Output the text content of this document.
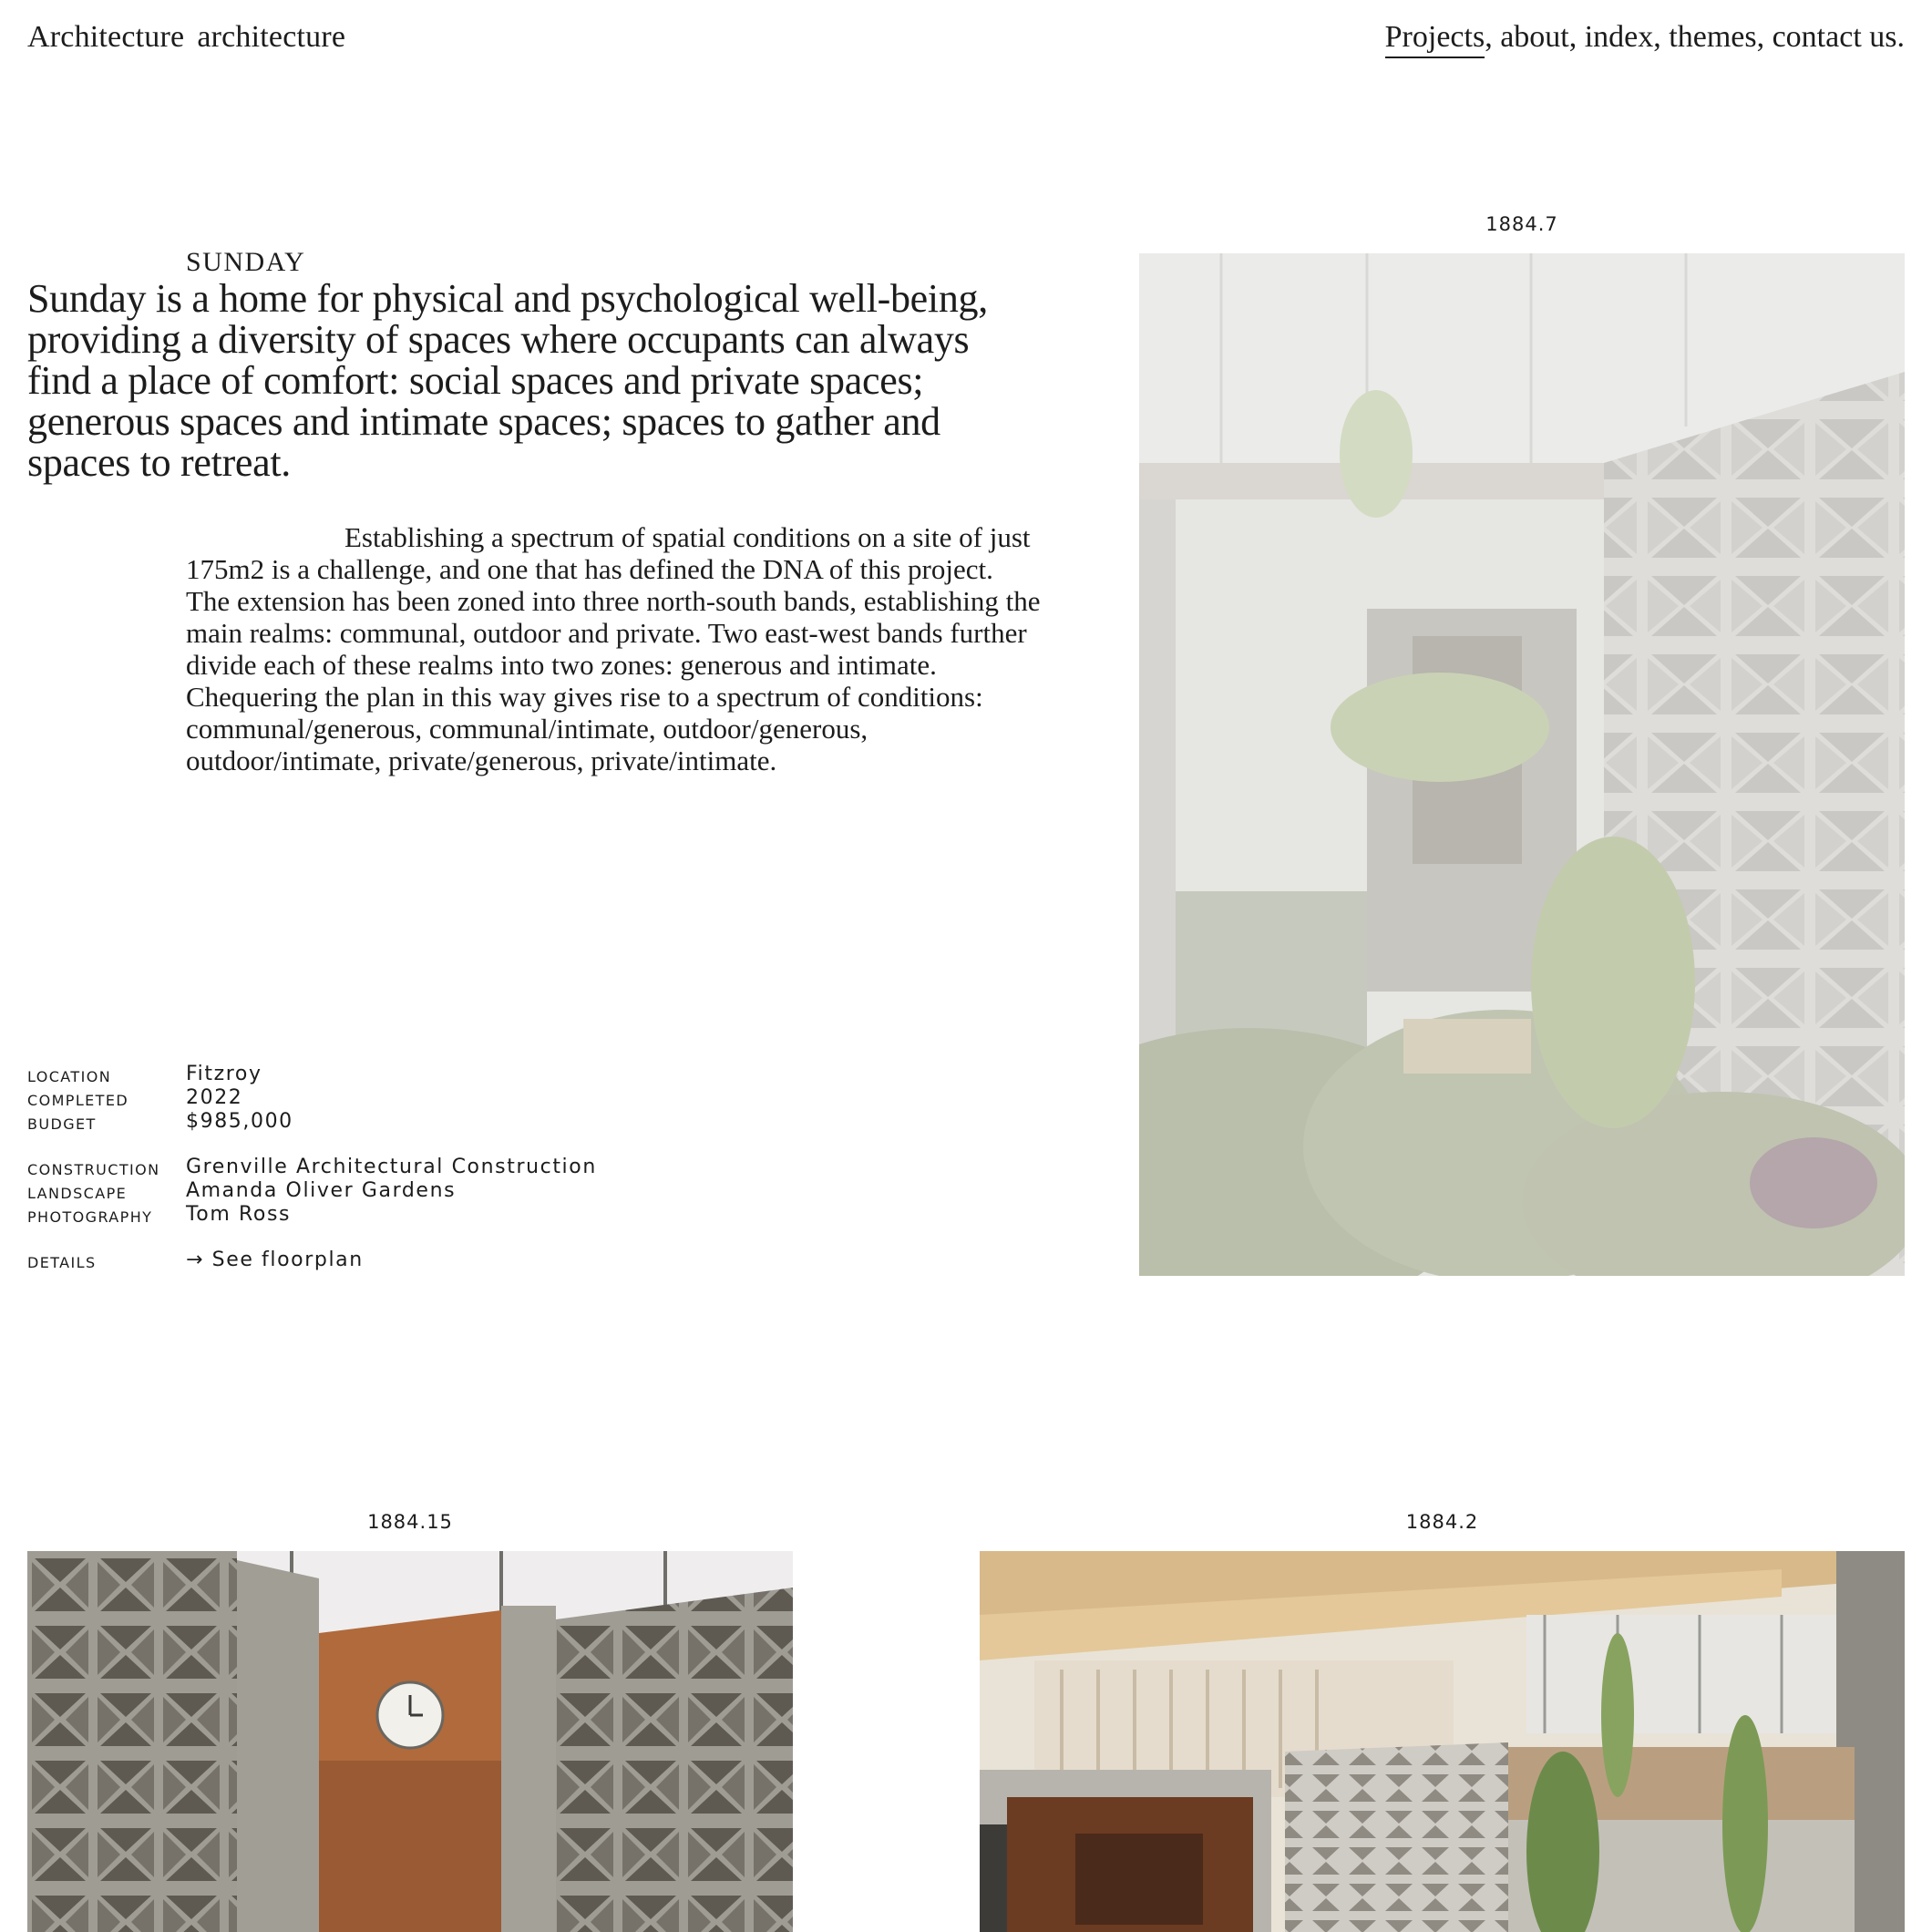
Architecture architecture	Projects, about, index, themes, contact us.
SUNDAY

Sunday is a home for physical and psychological well-being, providing a diversity of spaces where occupants can always find a place of comfort: social spaces and private spaces; generous spaces and intimate spaces; spaces to gather and spaces to retreat.

Establishing a spectrum of spatial conditions on a site of just 175m2 is a challenge, and one that has defined the DNA of this project. The extension has been zoned into three north-south bands, establishing the main realms: communal, outdoor and private. Two east-west bands further divide each of these realms into two zones: generous and intimate. Chequering the plan in this way gives rise to a spectrum of conditions: communal/generous, communal/intimate, outdoor/generous, outdoor/intimate, private/generous, private/intimate.

LOCATION	Fitzroy
COMPLETED	2022
BUDGET	$985,000
CONSTRUCTION	Grenville Architectural Construction
LANDSCAPE	Amanda Oliver Gardens
PHOTOGRAPHY	Tom Ross
DETAILS	→ See floorplan
1884.7
1884.15	1884.2
